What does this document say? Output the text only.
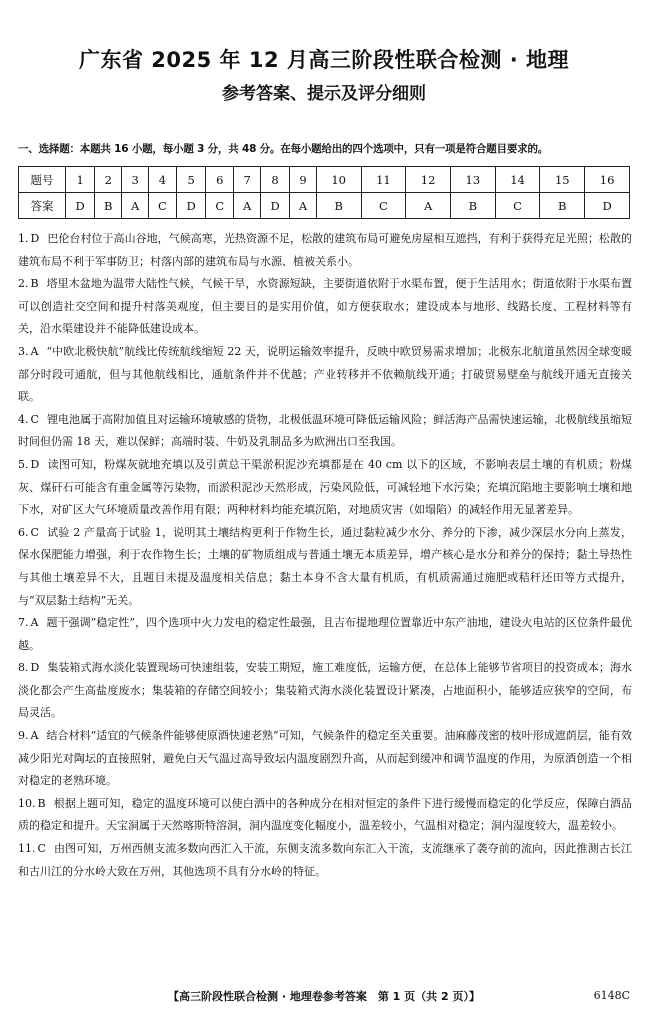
广东省 2025 年 12 月高三阶段性联合检测 · 地理
参考答案、提示及评分细则
一、选择题：本题共 16 小题，每小题 3 分，共 48 分。在每小题给出的四个选项中，只有一项是符合题目要求的。
题号	1	2	3	4	5	6	7	8	9	10	11	12	13	14	15	16
答案	D	B	A	C	D	C	A	D	A	B	C	A	B	C	B	D
1. D 巴伦台村位于高山谷地，气候高寒，光热资源不足，松散的建筑布局可避免房屋相互遮挡，有利于获得充足光照；松散的建筑布局不利于军事防卫；村落内部的建筑布局与水源、植被关系小。
2. B 塔里木盆地为温带大陆性气候，气候干旱，水资源短缺，主要街道依附于水渠布置，便于生活用水；街道依附于水渠布置可以创造社交空间和提升村落美观度，但主要目的是实用价值，如方便获取水；建设成本与地形、线路长度、工程材料等有关，沿水渠建设并不能降低建设成本。
3. A “中欧北极快航”航线比传统航线缩短 22 天，说明运输效率提升，反映中欧贸易需求增加；北极东北航道虽然因全球变暖部分时段可通航，但与其他航线相比，通航条件并不优越；产业转移并不依赖航线开通；打破贸易壁垒与航线开通无直接关联。
4. C 锂电池属于高附加值且对运输环境敏感的货物，北极低温环境可降低运输风险；鲜活海产品需快速运输，北极航线虽缩短时间但仍需 18 天，难以保鲜；高端时装、牛奶及乳制品多为欧洲出口至我国。
5. D 读图可知，粉煤灰就地充填以及引黄总干渠淤积泥沙充填都是在 40 cm 以下的区域，不影响表层土壤的有机质；粉煤灰、煤矸石可能含有重金属等污染物，而淤积泥沙天然形成，污染风险低，可减轻地下水污染；充填沉陷地主要影响土壤和地下水，对矿区大气环境质量改善作用有限；两种材料均能充填沉陷，对地质灾害（如塌陷）的减轻作用无显著差异。
6. C 试验 2 产量高于试验 1，说明其土壤结构更利于作物生长，通过黏粒减少水分、养分的下渗，减少深层水分向上蒸发，保水保肥能力增强，利于农作物生长；土壤的矿物质组成与普通土壤无本质差异，增产核心是水分和养分的保持；黏土导热性与其他土壤差异不大，且题目未提及温度相关信息；黏土本身不含大量有机质，有机质需通过施肥或秸秆还田等方式提升，与“双层黏土结构”无关。
7. A 题干强调“稳定性”，四个选项中火力发电的稳定性最强，且吉布提地理位置靠近中东产油地，建设火电站的区位条件最优越。
8. D 集装箱式海水淡化装置现场可快速组装，安装工期短，施工难度低，运输方便，在总体上能够节省项目的投资成本；海水淡化都会产生高盐度废水；集装箱的存储空间较小；集装箱式海水淡化装置设计紧凑，占地面积小，能够适应狭窄的空间，布局灵活。
9. A 结合材料“适宜的气候条件能够使原酒快速老熟”可知，气候条件的稳定至关重要。油麻藤茂密的枝叶形成遮荫层，能有效减少阳光对陶坛的直接照射，避免白天气温过高导致坛内温度剧烈升高，从而起到缓冲和调节温度的作用，为原酒创造一个相对稳定的老熟环境。
10. B 根据上题可知，稳定的温度环境可以使白酒中的各种成分在相对恒定的条件下进行缓慢而稳定的化学反应，保障白酒品质的稳定和提升。天宝洞属于天然喀斯特溶洞，洞内温度变化幅度小，温差较小，气温相对稳定；洞内湿度较大，温差较小。
11. C 由图可知，万州西侧支流多数向西汇入干流，东侧支流多数向东汇入干流，支流继承了袭夺前的流向，因此推测古长江和古川江的分水岭大致在万州，其他选项不具有分水岭的特征。
【高三阶段性联合检测 · 地理卷参考答案　第 1 页（共 2 页）】	6148C
